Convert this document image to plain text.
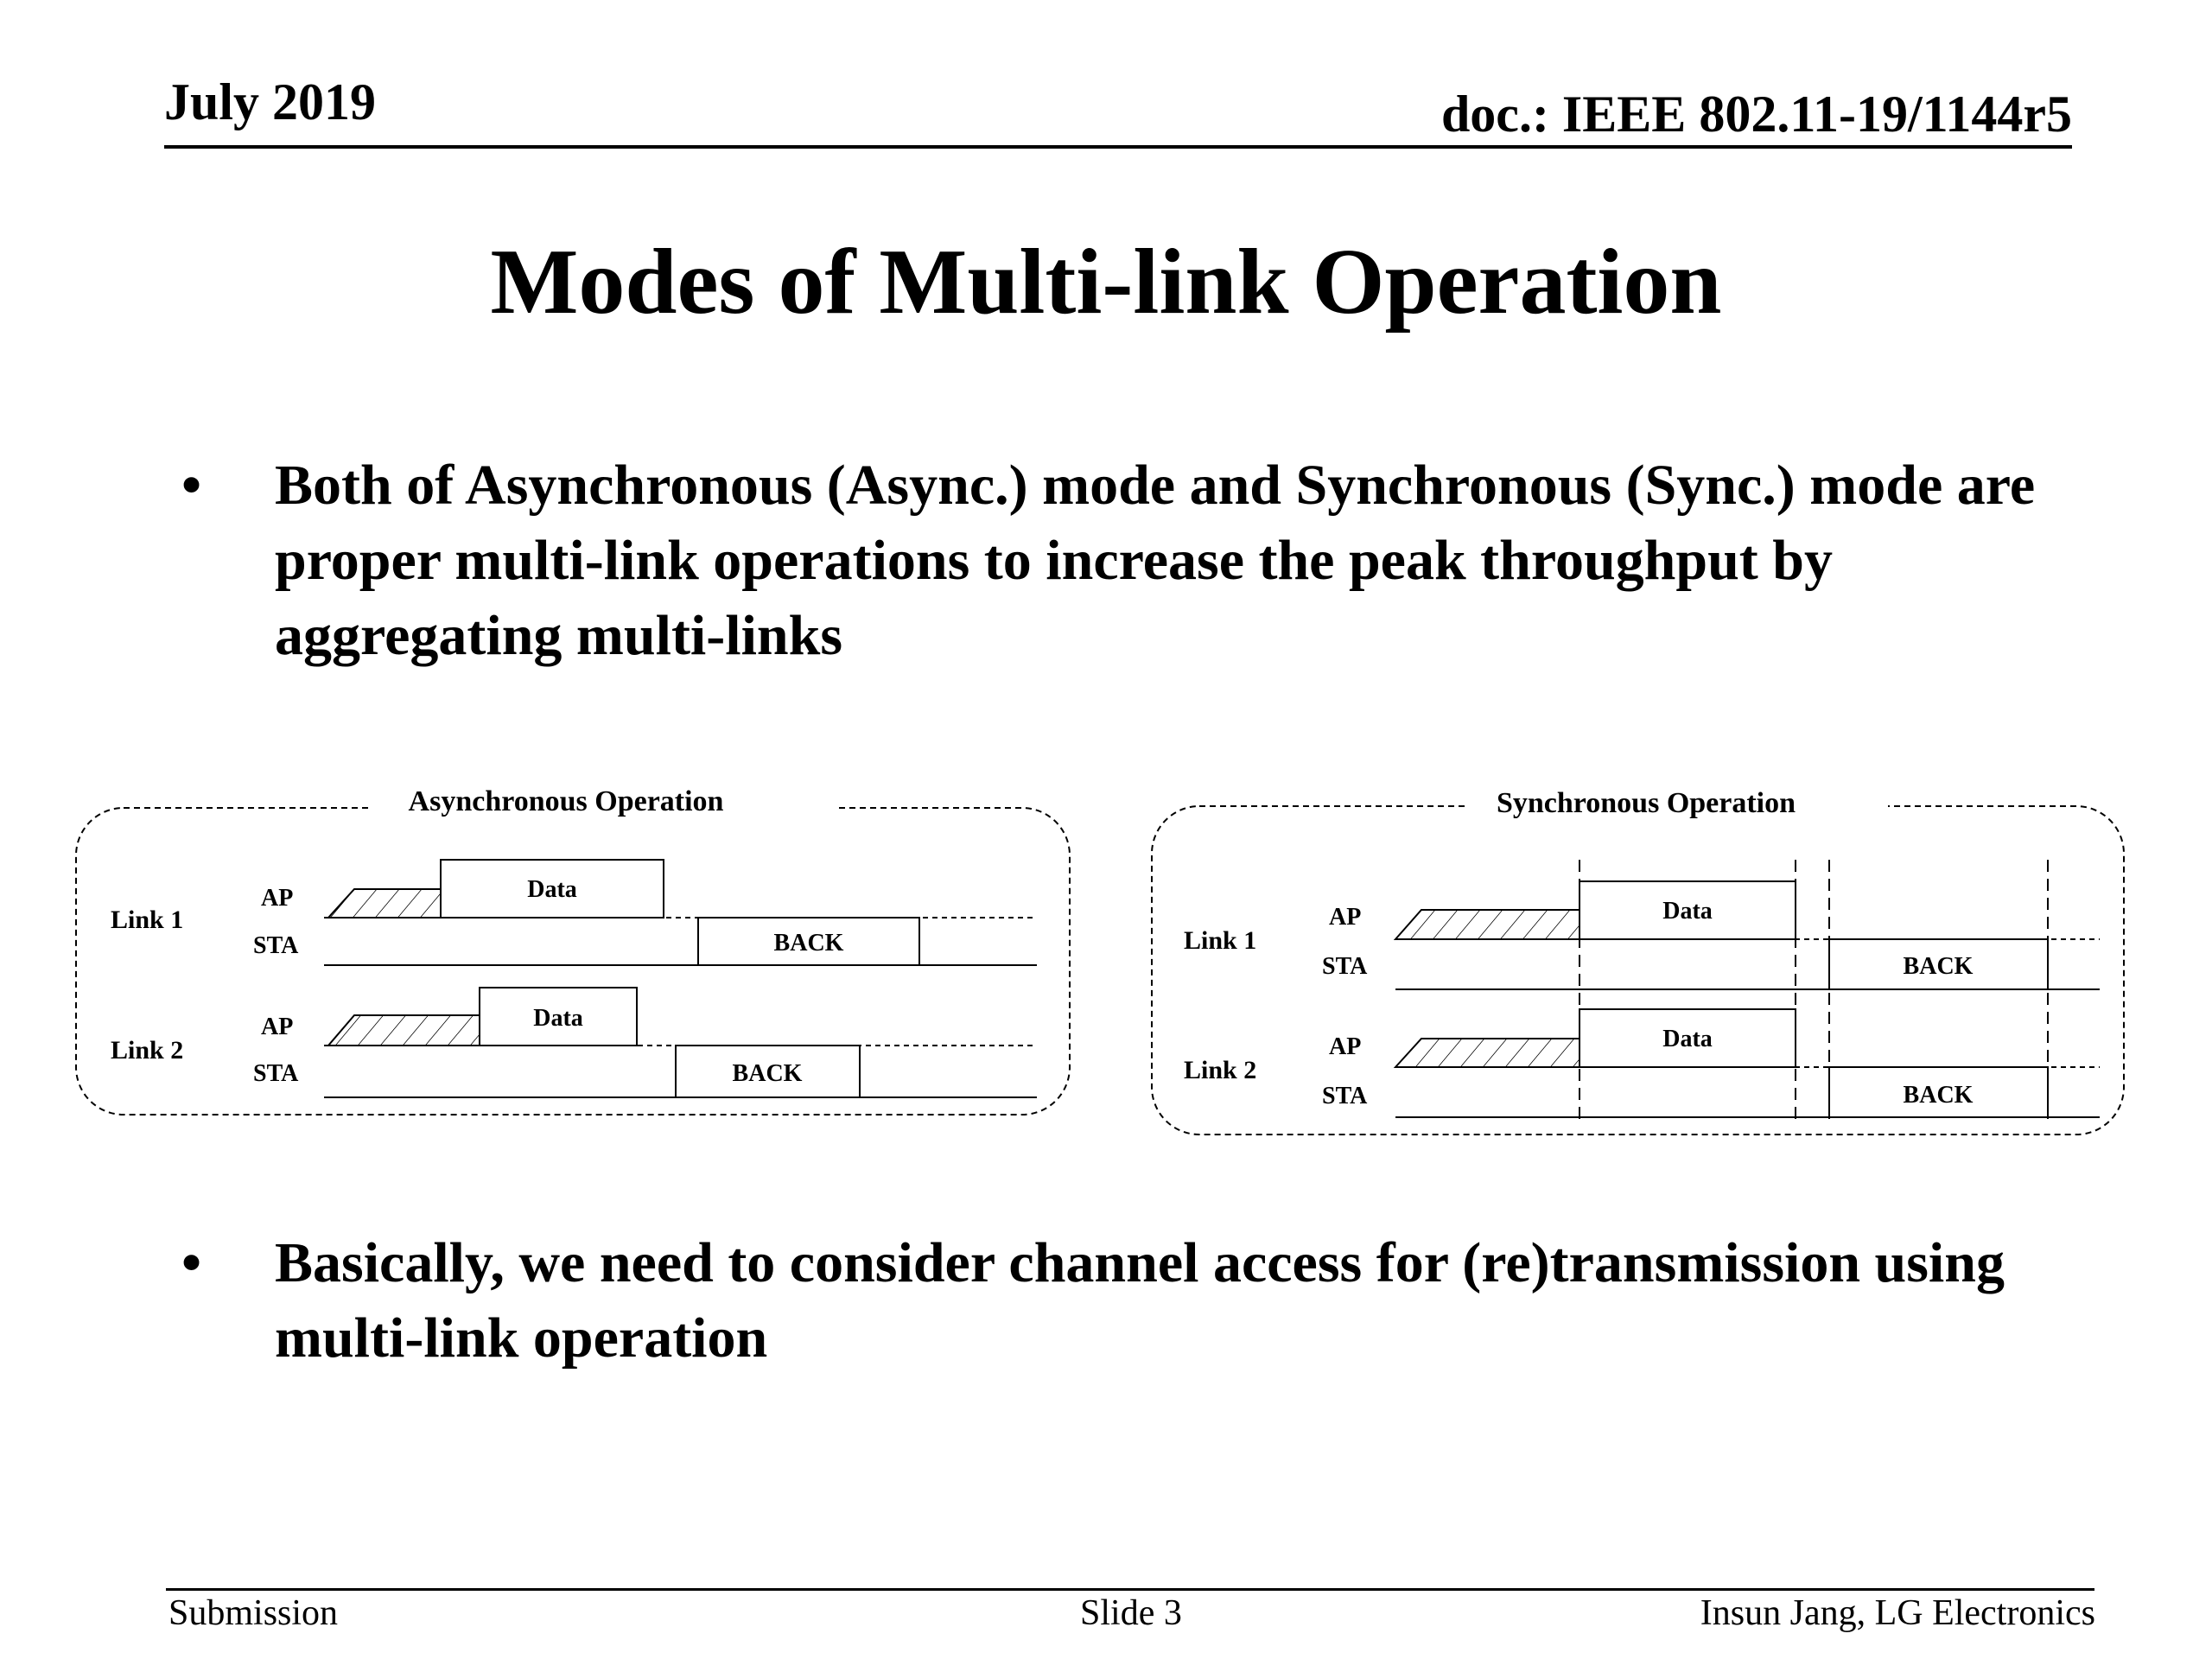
July 2019	doc.: IEEE 802.11-19/1144r5
Modes of Multi-link Operation
•	Both of Asynchronous (Async.) mode and Synchronous (Sync.) mode are proper multi-link operations to increase the peak throughput by aggregating multi-links
Asynchronous Operation
Link 1
AP
STA
Data
BACK
Link 2
AP
STA
Data
BACK
Synchronous Operation
Link 1
AP
STA
Data
BACK
Link 2
AP
STA
Data
BACK
•	Basically, we need to consider channel access for (re)transmission using multi-link operation
Submission	Slide 3	Insun Jang, LG Electronics
